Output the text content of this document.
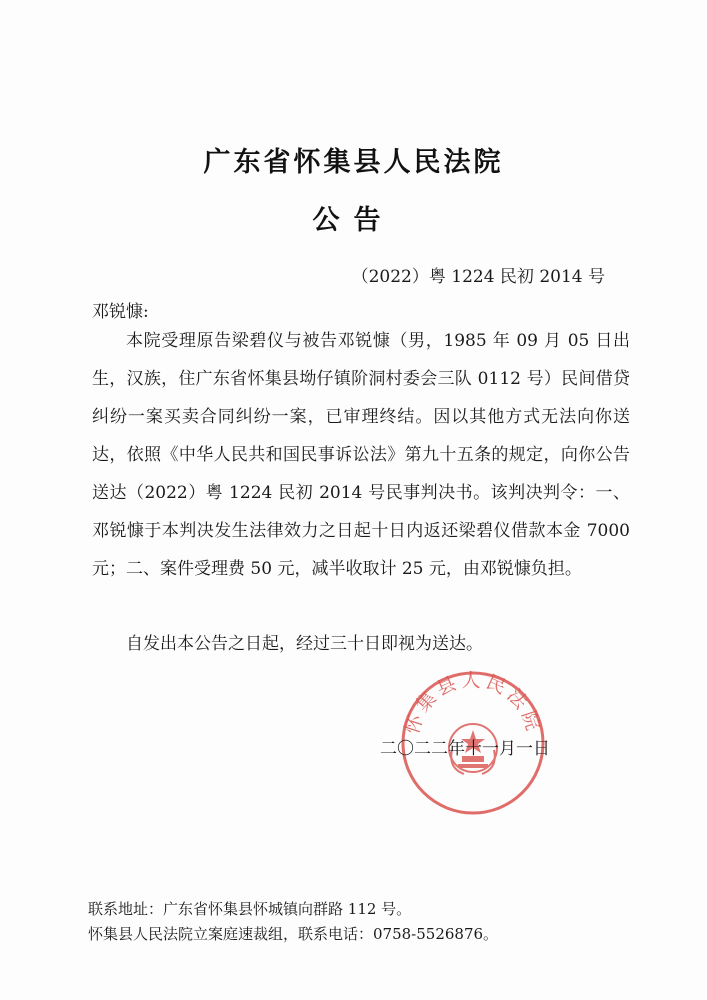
广东省怀集县人民法院
公告
（2022）粤 1224 民初 2014 号
邓锐慷:

本院受理原告梁碧仪与被告邓锐慷（男，1985 年 09 月 05 日出生，汉族，住广东省怀集县坳仔镇阶洞村委会三队 0112 号）民间借贷纠纷一案买卖合同纠纷一案，已审理终结。因以其他方式无法向你送达，依照《中华人民共和国民事诉讼法》第九十五条的规定，向你公告送达（2022）粤 1224 民初 2014 号民事判决书。该判决判令：一、邓锐慷于本判决发生法律效力之日起十日内返还梁碧仪借款本金 7000 元；二、案件受理费 50 元，减半收取计 25 元，由邓锐慷负担。

自发出本公告之日起，经过三十日即视为送达。

怀集县人民法院
二〇二二年十一月一日
联系地址：广东省怀集县怀城镇向群路 112 号。
怀集县人民法院立案庭速裁组，联系电话：0758-5526876。
